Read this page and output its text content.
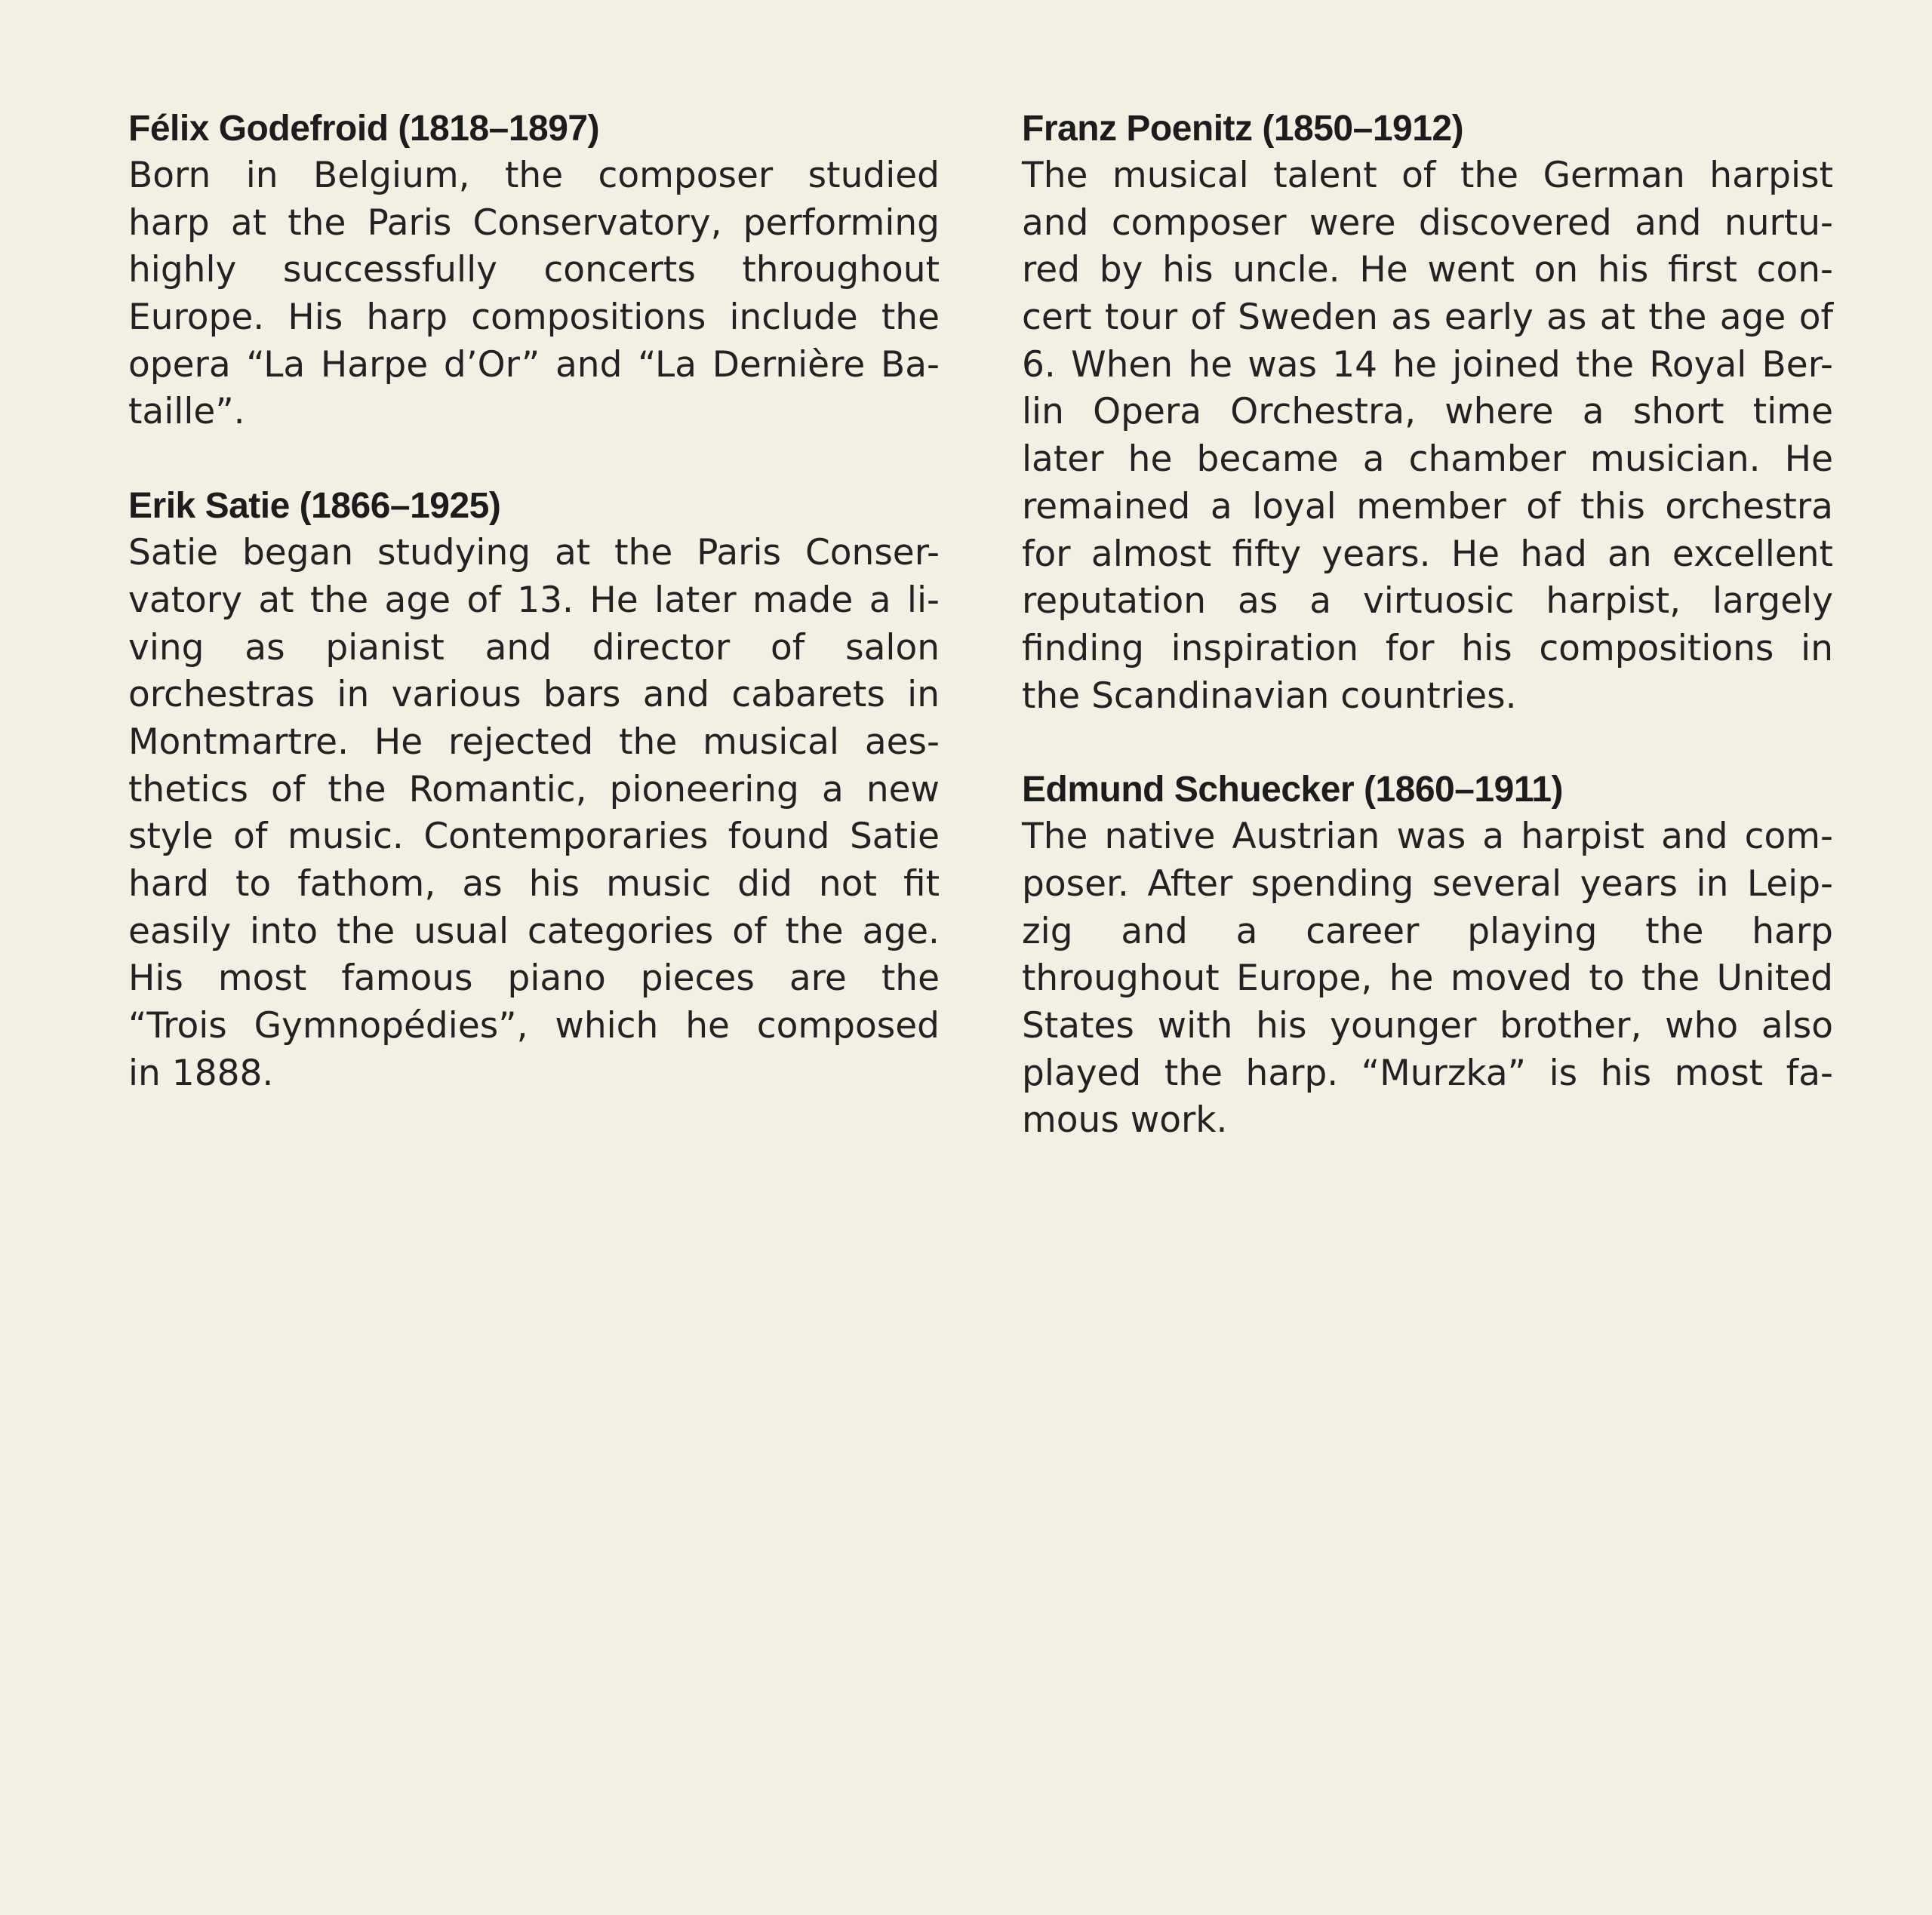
Félix Godefroid (1818–1897)
Born in Belgium, the composer studied
harp at the Paris Conservatory, performing
highly successfully concerts throughout
Europe. His harp compositions include the
opera “La Harpe d’Or” and “La Dernière Ba-
taille”.
Erik Satie (1866–1925)
Satie began studying at the Paris Conser-
vatory at the age of 13. He later made a li-
ving as pianist and director of salon
orchestras in various bars and cabarets in
Montmartre. He rejected the musical aes-
thetics of the Romantic, pioneering a new
style of music. Contemporaries found Satie
hard to fathom, as his music did not fit
easily into the usual categories of the age.
His most famous piano pieces are the
“Trois Gymnopédies”, which he composed
in 1888.
Franz Poenitz (1850–1912)
The musical talent of the German harpist
and composer were discovered and nurtu-
red by his uncle. He went on his first con-
cert tour of Sweden as early as at the age of
6. When he was 14 he joined the Royal Ber-
lin Opera Orchestra, where a short time
later he became a chamber musician. He
remained a loyal member of this orchestra
for almost fifty years. He had an excellent
reputation as a virtuosic harpist, largely
finding inspiration for his compositions in
the Scandinavian countries.
Edmund Schuecker (1860–1911)
The native Austrian was a harpist and com-
poser. After spending several years in Leip-
zig and a career playing the harp
throughout Europe, he moved to the United
States with his younger brother, who also
played the harp. “Murzka” is his most fa-
mous work.
